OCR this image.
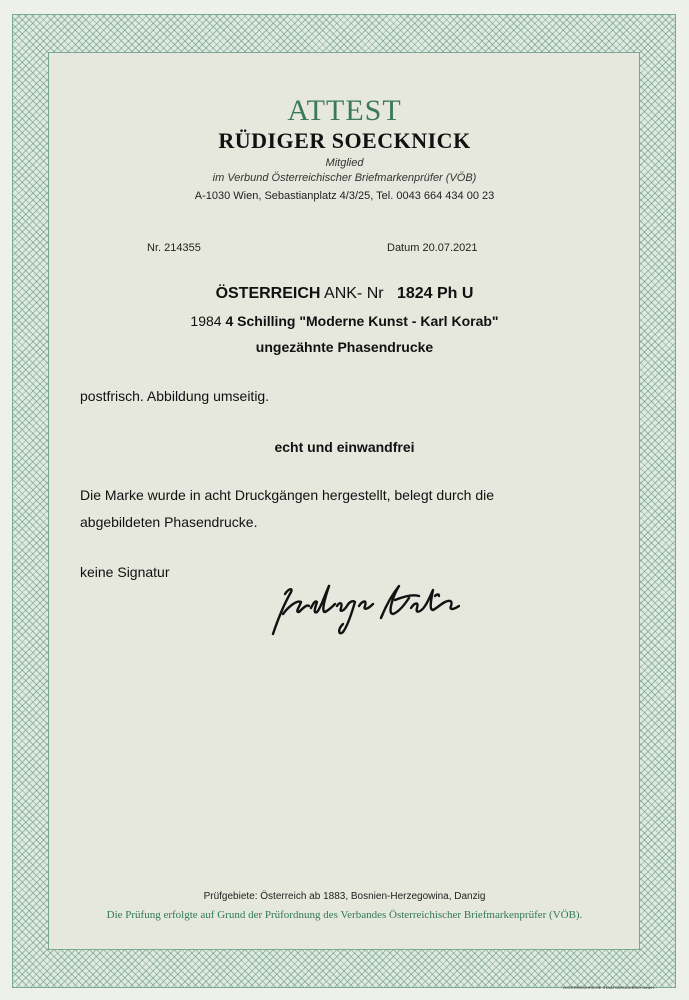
ATTEST
RÜDIGER SOECKNICK
Mitglied
im Verbund Österreichischer Briefmarkenprüfer (VÖB)
A-1030 Wien, Sebastianplatz 4/3/25, Tel. 0043 664 434 00 23
Nr. 214355	Datum 20.07.2021
ÖSTERREICH ANK- Nr 1824 Ph U
1984 4 Schilling "Moderne Kunst - Karl Korab"
ungezähnte Phasendrucke
postfrisch. Abbildung umseitig.
echt und einwandfrei
Die Marke wurde in acht Druckgängen hergestellt, belegt durch die
abgebildeten Phasendrucke.
keine Signatur
Prüfgebiete: Österreich ab 1883, Bosnien-Herzegowina, Danzig
Die Prüfung erfolgte auf Grund der Prüfordnung des Verbandes Österreichischer Briefmarkenprüfer (VÖB).
ÖSTERREICHISCHE STAATSDRUCKEREI GmbH
